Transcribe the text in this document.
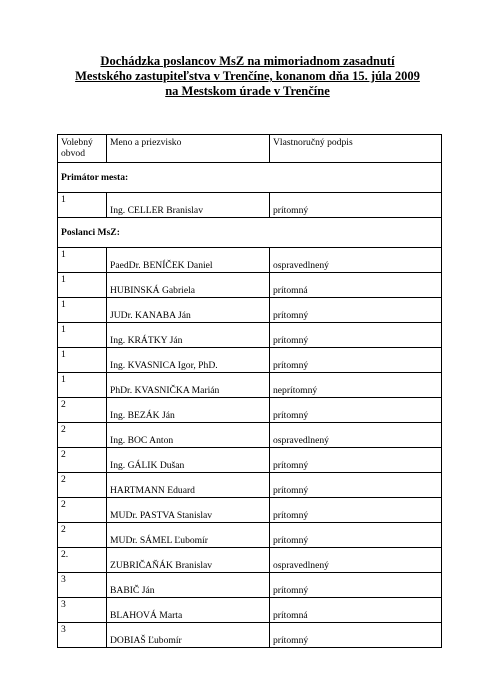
Dochádzka poslancov MsZ na mimoriadnom zasadnutí
Mestského zastupiteľstva v Trenčíne, konanom dňa 15. júla 2009
na Mestskom úrade v Trenčíne
Volebný obvod	Meno a priezvisko	Vlastnoručný podpis
Primátor mesta:		
1	Ing. CELLER Branislav	prítomný
Poslanci MsZ:		
1	PaedDr. BENÍČEK Daniel	ospravedlnený
1	HUBINSKÁ Gabriela	prítomná
1	JUDr. KANABA Ján	prítomný
1	Ing. KRÁTKY Ján	prítomný
1	Ing. KVASNICA Igor, PhD.	prítomný
1	PhDr. KVASNIČKA Marián	neprítomný
2	Ing. BEZÁK Ján	prítomný
2	Ing. BOC Anton	ospravedlnený
2	Ing. GÁLIK Dušan	prítomný
2	HARTMANN Eduard	prítomný
2	MUDr. PASTVA Stanislav	prítomný
2	MUDr. SÁMEL Ľubomír	prítomný
2.	ZUBRIČAŇÁK Branislav	ospravedlnený
3	BABIČ Ján	prítomný
3	BLAHOVÁ Marta	prítomná
3	DOBIAŠ Ľubomír	prítomný
